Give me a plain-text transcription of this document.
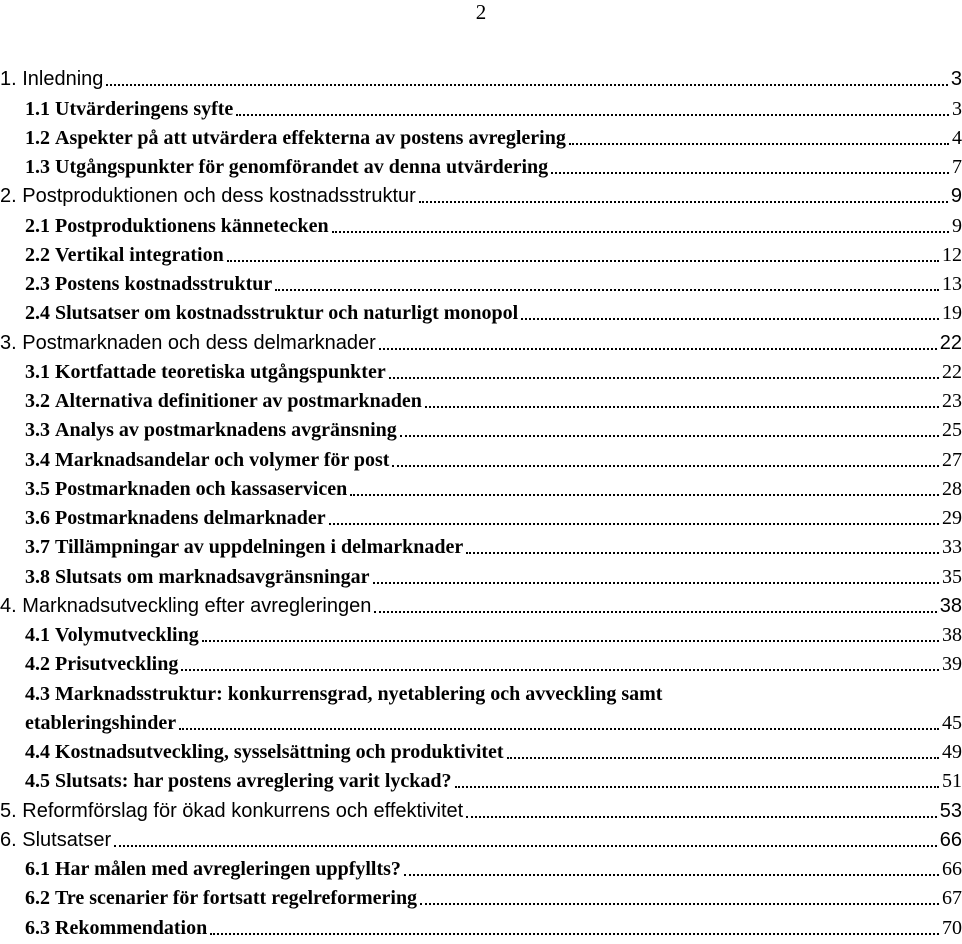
2
1. Inledning	3
1.1 Utvärderingens syfte	3
1.2 Aspekter på att utvärdera effekterna av postens avreglering	4
1.3 Utgångspunkter för genomförandet av denna utvärdering	7
2. Postproduktionen och dess kostnadsstruktur	9
2.1 Postproduktionens kännetecken	9
2.2 Vertikal integration	12
2.3 Postens kostnadsstruktur	13
2.4 Slutsatser om kostnadsstruktur och naturligt monopol	19
3. Postmarknaden och dess delmarknader	22
3.1 Kortfattade teoretiska utgångspunkter	22
3.2 Alternativa definitioner av postmarknaden	23
3.3 Analys av postmarknadens avgränsning	25
3.4 Marknadsandelar och volymer för post	27
3.5 Postmarknaden och kassaservicen	28
3.6 Postmarknadens delmarknader	29
3.7 Tillämpningar av uppdelningen i delmarknader	33
3.8 Slutsats om marknadsavgränsningar	35
4. Marknadsutveckling efter avregleringen	38
4.1 Volymutveckling	38
4.2 Prisutveckling	39
4.3 Marknadsstruktur: konkurrensgrad, nyetablering och avveckling samt
etableringshinder	45
4.4 Kostnadsutveckling, sysselsättning och produktivitet	49
4.5 Slutsats: har postens avreglering varit lyckad?	51
5. Reformförslag för ökad konkurrens och effektivitet	53
6. Slutsatser	66
6.1 Har målen med avregleringen uppfyllts?	66
6.2 Tre scenarier för fortsatt regelreformering	67
6.3 Rekommendation	70
